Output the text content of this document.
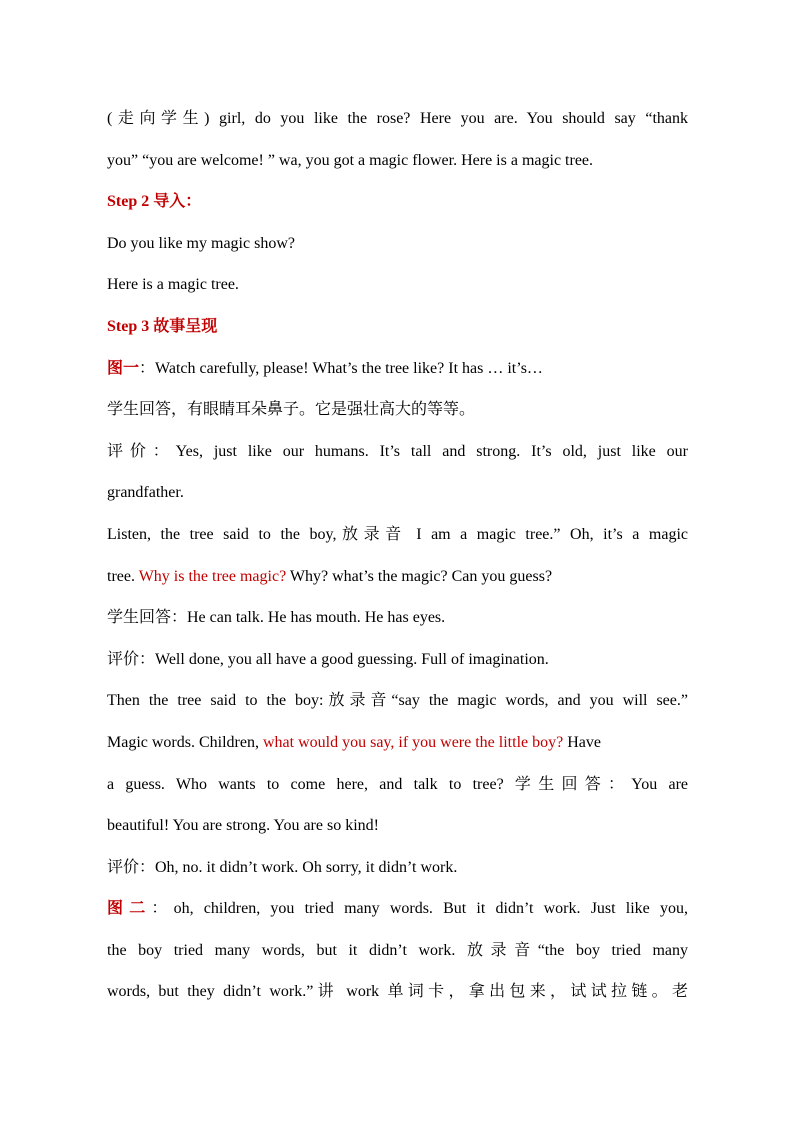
(走向学生) girl, do you like the rose? Here you are. You should say “thank
you” “you are welcome! ” wa, you got a magic flower. Here is a magic tree.
Step 2 导入：
Do you like my magic show?
Here is a magic tree.
Step 3 故事呈现
图一：Watch carefully, please! What’s the tree like? It has … it’s…
学生回答，有眼睛耳朵鼻子。它是强壮高大的等等。
评价：Yes, just like our humans. It’s tall and strong. It’s old, just like our
grandfather.
Listen, the tree said to the boy,放录音 I am a magic tree.” Oh, it’s a magic
tree. Why is the tree magic? Why? what’s the magic? Can you guess?
学生回答：He can talk. He has mouth. He has eyes.
评价：Well done, you all have a good guessing. Full of imagination.
Then the tree said to the boy:放录音“say the magic words, and you will see.”
Magic words. Children, what would you say, if you were the little boy? Have
a guess. Who wants to come here, and talk to tree? 学生回答：You are
beautiful! You are strong. You are so kind!
评价：Oh, no. it didn’t work. Oh sorry, it didn’t work.
图二：oh, children, you tried many words. But it didn’t work. Just like you,
the boy tried many words, but it didn’t work. 放录音“the boy tried many
words, but they didn’t work.”讲 work 单词卡，拿出包来，试试拉链。老
